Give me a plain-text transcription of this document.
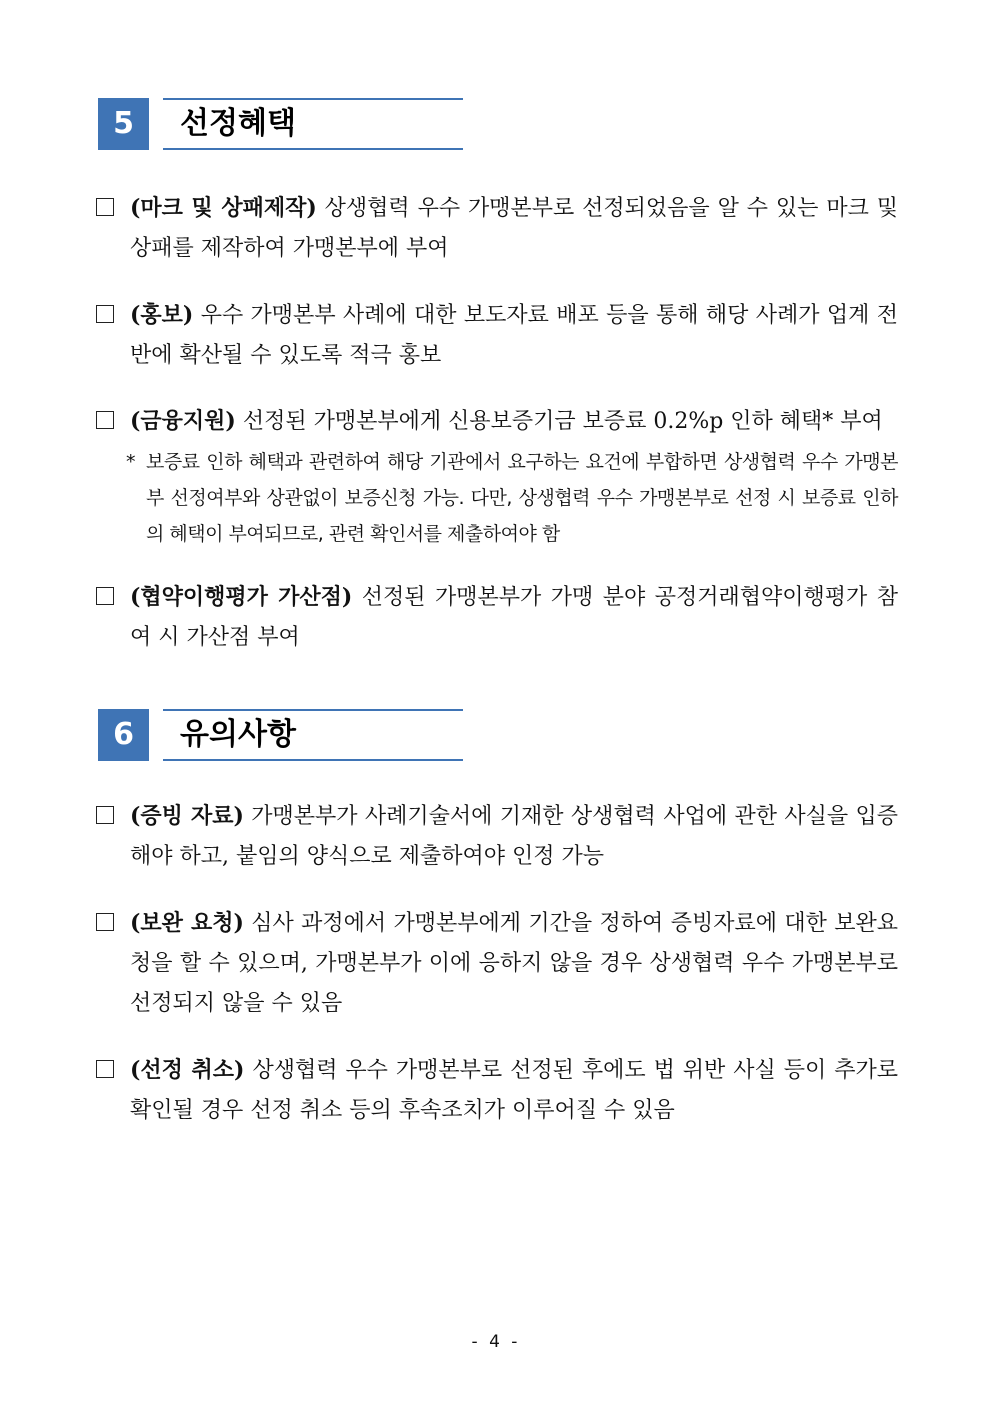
5	선정혜택
(마크 및 상패제작) 상생협력 우수 가맹본부로 선정되었음을 알 수 있는 마크 및 상패를 제작하여 가맹본부에 부여
(홍보) 우수 가맹본부 사례에 대한 보도자료 배포 등을 통해 해당 사례가 업계 전반에 확산될 수 있도록 적극 홍보
(금융지원) 선정된 가맹본부에게 신용보증기금 보증료 0.2%p 인하 혜택* 부여
* 보증료 인하 혜택과 관련하여 해당 기관에서 요구하는 요건에 부합하면 상생협력 우수 가맹본부 선정여부와 상관없이 보증신청 가능. 다만, 상생협력 우수 가맹본부로 선정 시 보증료 인하의 혜택이 부여되므로, 관련 확인서를 제출하여야 함
(협약이행평가 가산점) 선정된 가맹본부가 가맹 분야 공정거래협약이행평가 참여 시 가산점 부여
6	유의사항
(증빙 자료) 가맹본부가 사례기술서에 기재한 상생협력 사업에 관한 사실을 입증해야 하고, 붙임의 양식으로 제출하여야 인정 가능
(보완 요청) 심사 과정에서 가맹본부에게 기간을 정하여 증빙자료에 대한 보완요청을 할 수 있으며, 가맹본부가 이에 응하지 않을 경우 상생협력 우수 가맹본부로 선정되지 않을 수 있음
(선정 취소) 상생협력 우수 가맹본부로 선정된 후에도 법 위반 사실 등이 추가로 확인될 경우 선정 취소 등의 후속조치가 이루어질 수 있음
- 4 -
